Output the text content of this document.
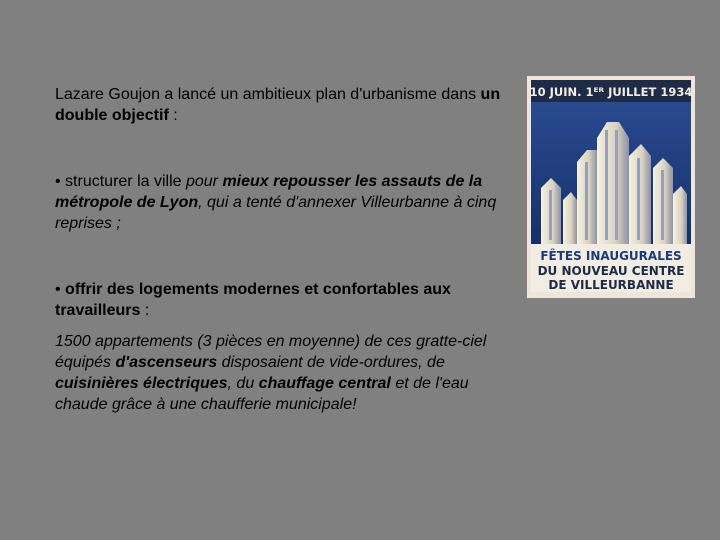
Lazare Goujon a lancé un ambitieux plan d'urbanisme dans un double objectif :
• structurer la ville pour mieux repousser les assauts de la métropole de Lyon, qui a tenté d'annexer Villeurbanne à cinq reprises ;
• offrir des logements modernes et confortables aux travailleurs :
1500 appartements (3 pièces en moyenne) de ces gratte-ciel équipés d'ascenseurs disposaient de vide-ordures, de cuisinières électriques, du chauffage central et de l'eau chaude grâce à une chaufferie municipale!
10 JUIN. 1ᴱᴿ JUILLET 1934
FÊTES INAUGURALES
DU NOUVEAU CENTRE
DE VILLEURBANNE
